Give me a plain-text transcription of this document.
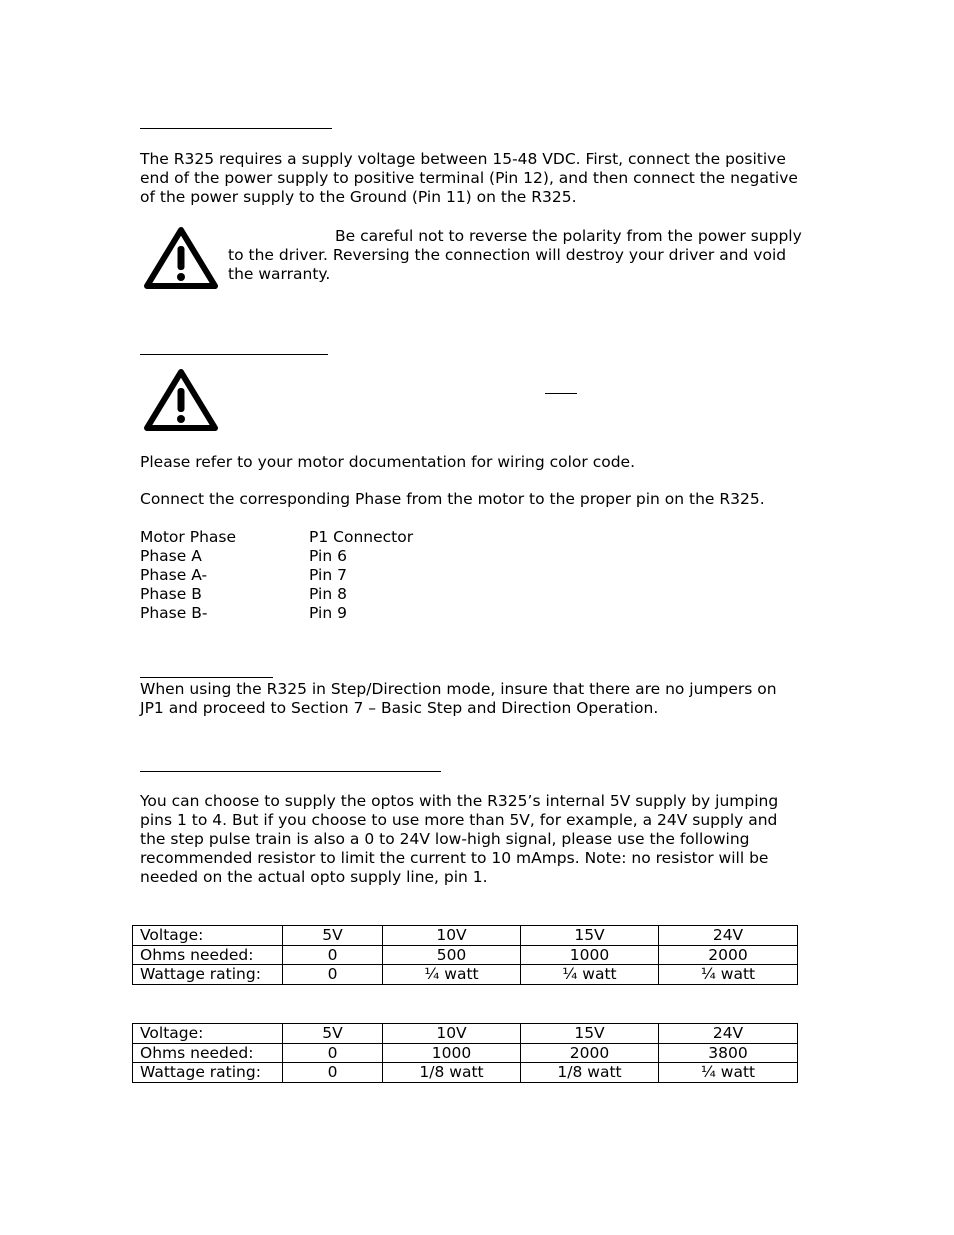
The R325 requires a supply voltage between 15-48 VDC. First, connect the positive
end of the power supply to positive terminal (Pin 12), and then connect the negative
of the power supply to the Ground (Pin 11) on the R325.
Be careful not to reverse the polarity from the power supply
to the driver. Reversing the connection will destroy your driver and void
the warranty.
Please refer to your motor documentation for wiring color code.
Connect the corresponding Phase from the motor to the proper pin on the R325.
Motor Phase	P1 Connector
Phase A	Pin 6
Phase A-	Pin 7
Phase B	Pin 8
Phase B-	Pin 9
When using the R325 in Step/Direction mode, insure that there are no jumpers on
JP1 and proceed to Section 7 – Basic Step and Direction Operation.
You can choose to supply the optos with the R325’s internal 5V supply by jumping
pins 1 to 4. But if you choose to use more than 5V, for example, a 24V supply and
the step pulse train is also a 0 to 24V low-high signal, please use the following
recommended resistor to limit the current to 10 mAmps. Note: no resistor will be
needed on the actual opto supply line, pin 1.
Voltage:	5V	10V	15V	24V
Ohms needed:	0	500	1000	2000
Wattage rating:	0	¼ watt	¼ watt	¼ watt
Voltage:	5V	10V	15V	24V
Ohms needed:	0	1000	2000	3800
Wattage rating:	0	1/8 watt	1/8 watt	¼ watt
